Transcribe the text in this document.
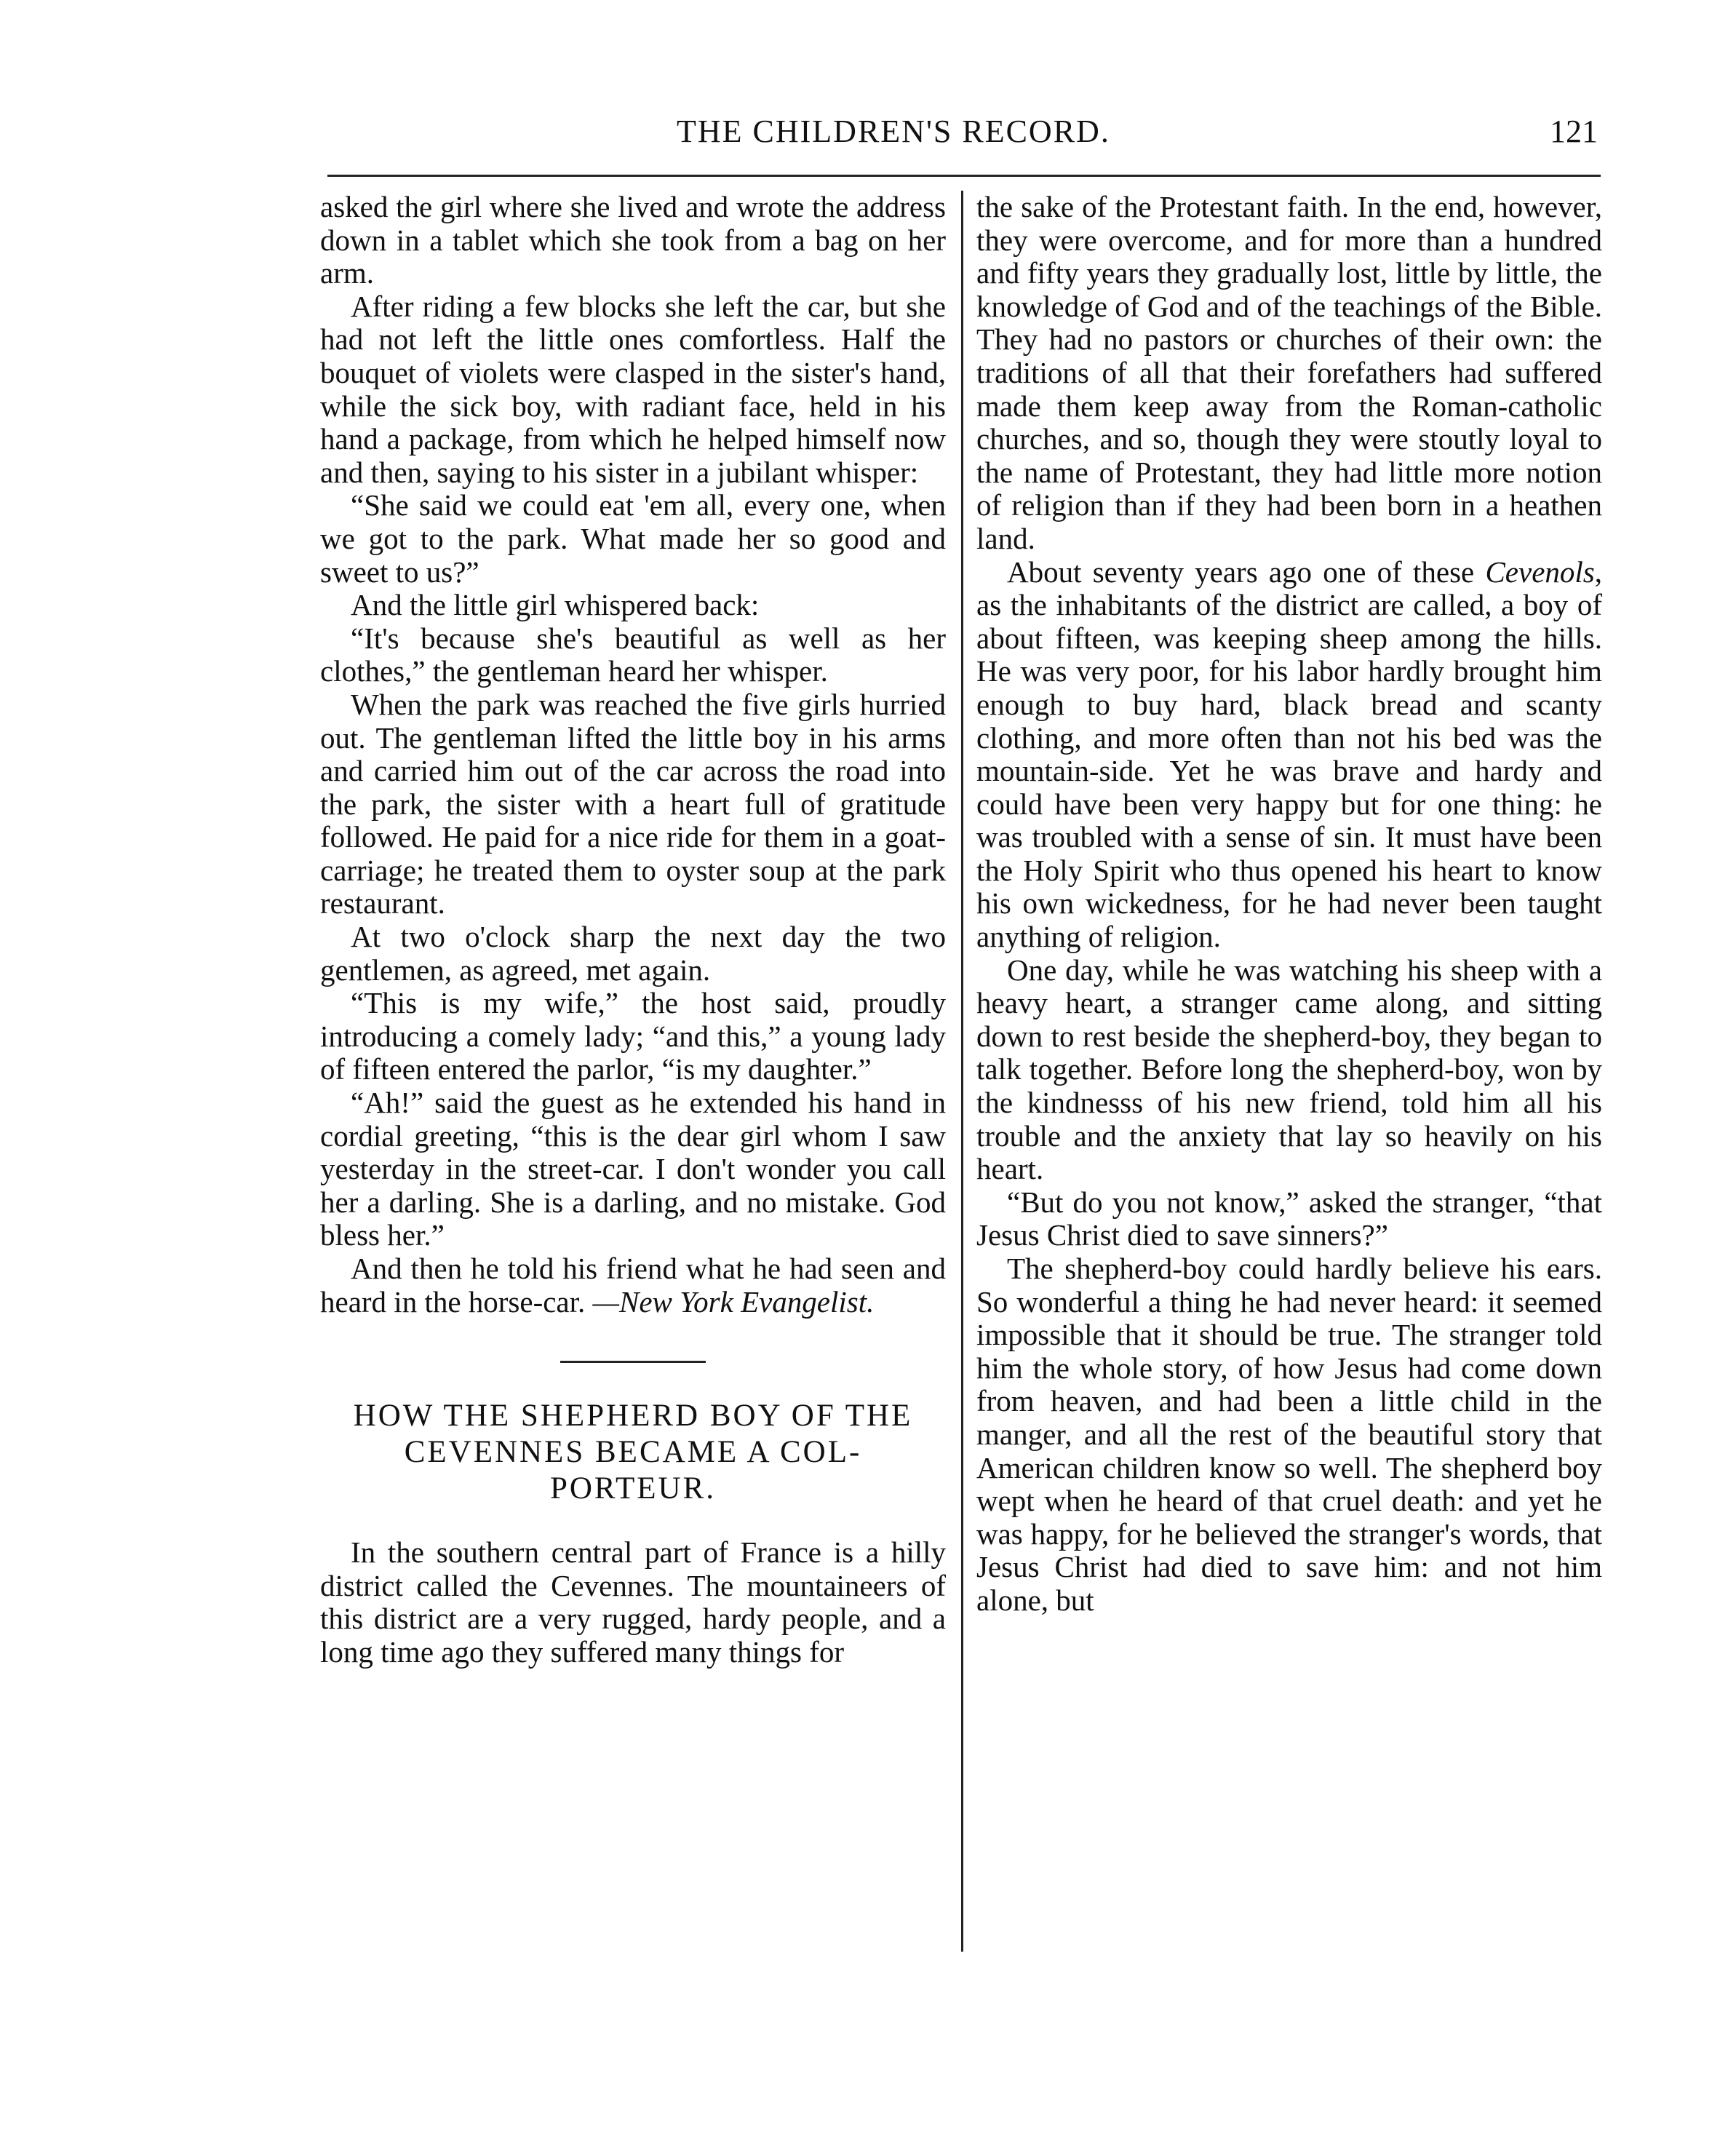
THE CHILDREN'S RECORD.	121

asked the girl where she lived and wrote the address down in a tablet which she took from a bag on her arm.

After riding a few blocks she left the car, but she had not left the little ones comfortless. Half the bouquet of violets were clasped in the sister's hand, while the sick boy, with radiant face, held in his hand a package, from which he helped himself now and then, saying to his sister in a jubilant whisper:

“She said we could eat 'em all, every one, when we got to the park. What made her so good and sweet to us?”

And the little girl whispered back:

“It's because she's beautiful as well as her clothes,” the gentleman heard her whisper.

When the park was reached the five girls hurried out. The gentleman lifted the little boy in his arms and carried him out of the car across the road into the park, the sister with a heart full of gratitude followed. He paid for a nice ride for them in a goat-carriage; he treated them to oyster soup at the park restaurant.

At two o'clock sharp the next day the two gentlemen, as agreed, met again.

“This is my wife,” the host said, proudly introducing a comely lady; “and this,” a young lady of fifteen entered the parlor, “is my daughter.”

“Ah!” said the guest as he extended his hand in cordial greeting, “this is the dear girl whom I saw yesterday in the street-car. I don't wonder you call her a darling. She is a darling, and no mistake. God bless her.”

And then he told his friend what he had seen and heard in the horse-car. —New York Evangelist.

HOW THE SHEPHERD BOY OF THE
CEVENNES BECAME A COL-
PORTEUR.

In the southern central part of France is a hilly district called the Cevennes. The mountaineers of this district are a very rugged, hardy people, and a long time ago they suffered many things for

the sake of the Protestant faith. In the end, however, they were overcome, and for more than a hundred and fifty years they gradually lost, little by little, the knowledge of God and of the teachings of the Bible. They had no pastors or churches of their own: the traditions of all that their forefathers had suffered made them keep away from the Roman-catholic churches, and so, though they were stoutly loyal to the name of Protestant, they had little more notion of religion than if they had been born in a heathen land.

About seventy years ago one of these Cevenols, as the inhabitants of the district are called, a boy of about fifteen, was keeping sheep among the hills. He was very poor, for his labor hardly brought him enough to buy hard, black bread and scanty clothing, and more often than not his bed was the mountain-side. Yet he was brave and hardy and could have been very happy but for one thing: he was troubled with a sense of sin. It must have been the Holy Spirit who thus opened his heart to know his own wickedness, for he had never been taught anything of religion.

One day, while he was watching his sheep with a heavy heart, a stranger came along, and sitting down to rest beside the shepherd-boy, they began to talk together. Before long the shepherd-boy, won by the kindnesss of his new friend, told him all his trouble and the anxiety that lay so heavily on his heart.

“But do you not know,” asked the stranger, “that Jesus Christ died to save sinners?”

The shepherd-boy could hardly believe his ears. So wonderful a thing he had never heard: it seemed impossible that it should be true. The stranger told him the whole story, of how Jesus had come down from heaven, and had been a little child in the manger, and all the rest of the beautiful story that American children know so well. The shepherd boy wept when he heard of that cruel death: and yet he was happy, for he believed the stranger's words, that Jesus Christ had died to save him: and not him alone, but
